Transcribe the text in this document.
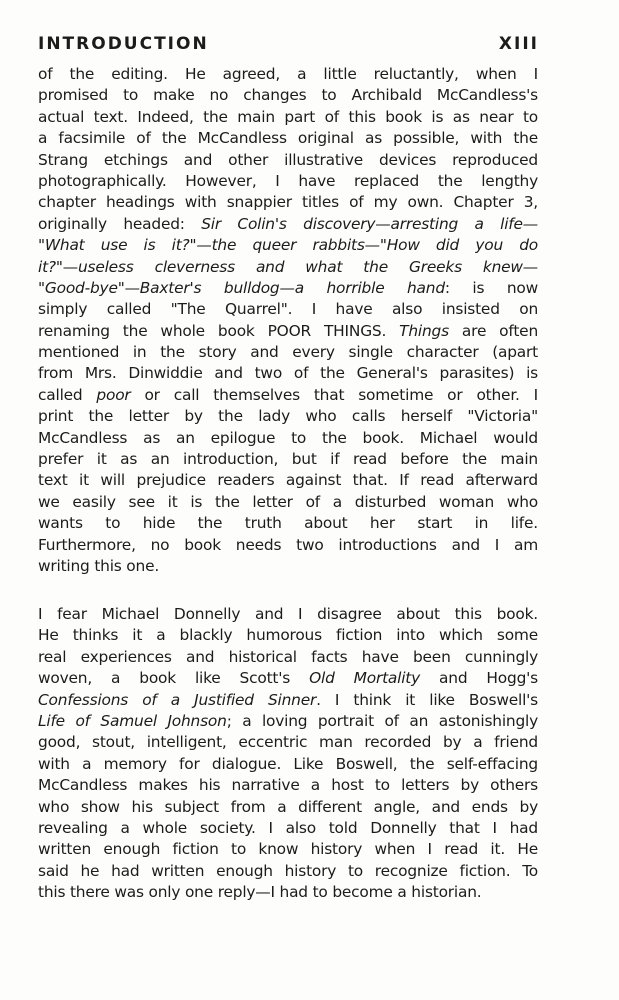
INTRODUCTION	XIII
of the editing. He agreed, a little reluctantly, when I
promised to make no changes to Archibald McCandless's
actual text. Indeed, the main part of this book is as near to
a facsimile of the McCandless original as possible, with the
Strang etchings and other illustrative devices reproduced
photographically. However, I have replaced the lengthy
chapter headings with snappier titles of my own. Chapter 3,
originally headed: Sir Colin's discovery—arresting a life—
"What use is it?"—the queer rabbits—"How did you do
it?"—useless cleverness and what the Greeks knew—
"Good-bye"—Baxter's bulldog—a horrible hand: is now
simply called "The Quarrel". I have also insisted on
renaming the whole book POOR THINGS. Things are often
mentioned in the story and every single character (apart
from Mrs. Dinwiddie and two of the General's parasites) is
called poor or call themselves that sometime or other. I
print the letter by the lady who calls herself "Victoria"
McCandless as an epilogue to the book. Michael would
prefer it as an introduction, but if read before the main
text it will prejudice readers against that. If read afterward
we easily see it is the letter of a disturbed woman who
wants to hide the truth about her start in life.
Furthermore, no book needs two introductions and I am
writing this one.
I fear Michael Donnelly and I disagree about this book.
He thinks it a blackly humorous fiction into which some
real experiences and historical facts have been cunningly
woven, a book like Scott's Old Mortality and Hogg's
Confessions of a Justified Sinner. I think it like Boswell's
Life of Samuel Johnson; a loving portrait of an astonishingly
good, stout, intelligent, eccentric man recorded by a friend
with a memory for dialogue. Like Boswell, the self-effacing
McCandless makes his narrative a host to letters by others
who show his subject from a different angle, and ends by
revealing a whole society. I also told Donnelly that I had
written enough fiction to know history when I read it. He
said he had written enough history to recognize fiction. To
this there was only one reply—I had to become a historian.
